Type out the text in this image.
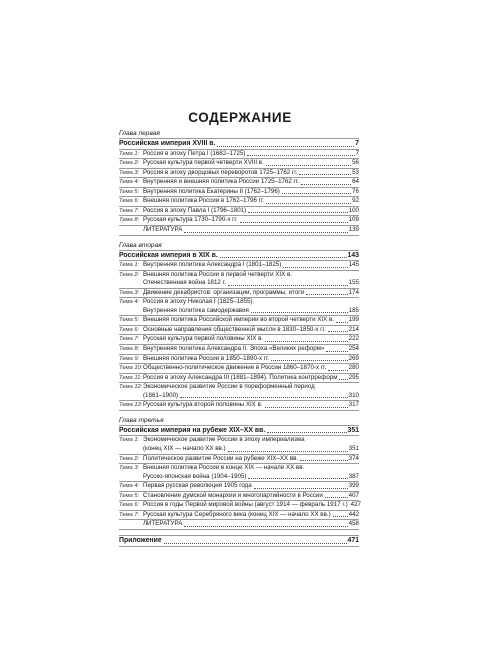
СОДЕРЖАНИЕ
Глава первая
Российская империя XVIII в.	7
Тема 1: Россия в эпоху Петра I (1682–1725)	7
Тема 2: Русская культура первой четверти XVIII в.	56
Тема 3: Россия в эпоху дворцовых переворотов 1725–1762 гг.	53
Тема 4: Внутренняя и внешняя политика России 1725–1762 гг.	64
Тема 5: Внутренняя политика Екатерины II (1762–1796)	76
Тема 6: Внешняя политика России в 1762–1796 гг.	92
Тема 7: Россия в эпоху Павла I (1796–1801)	100
Тема 8: Русская культура 1730–1790-х гг.	109
ЛИТЕРАТУРА	139
Глава вторая
Российская империя в XIX в.	143
Тема 1: Внутренняя политика Александра I (1801–1825)	145
Тема 2: Внешняя политика России в первой четверти XIX в.
Отечественная война 1812 г.	155
Тема 3: Движение декабристов: организации, программы, итоги	174
Тема 4: Россия в эпоху Николая I (1825–1855).
Внутренняя политика самодержавия	185
Тема 5: Внешняя политика Российской империи во второй четверти XIX в. 199
Тема 6: Основные направления общественной мысли в 1830–1850-х гг.	214
Тема 7: Русская культура первой половины XIX в.	222
Тема 8: Внутренняя политика Александра II. Эпоха «Великих реформ»	254
Тема 9: Внешняя политика России в 1850–1890-х гг.	269
Тема 10: Общественно-политическое движение в России 1860–1870-х гг.	280
Тема 11: Россия в эпоху Александра III (1881–1894). Политика контрреформ 295
Тема 12: Экономическое развитие России в пореформенный период
(1861–1900)	310
Тема 13: Русская культура второй половины XIX в.	317
Глава третья
Российская империя на рубеже XIX–XX вв.	351
Тема 1: Экономическое развитие России в эпоху империализма
(конец XIX — начало XX вв.)	351
Тема 2: Политическое развитие России на рубеже XIX–XX вв.	374
Тема 3: Внешняя политика России в конце XIX — начале XX вв.
Русско-японская война (1904–1905)	387
Тема 4: Первая русская революция 1905 года	399
Тема 5: Становление думской монархии и многопартийности в России	407
Тема 6: Россия в годы Первой мировой войны (август 1914 — февраль 1917 г.) 427
Тема 7: Русская культура Серебряного века (конец XIX — начало XX вв.)	442
ЛИТЕРАТУРА	458
Приложение	471
